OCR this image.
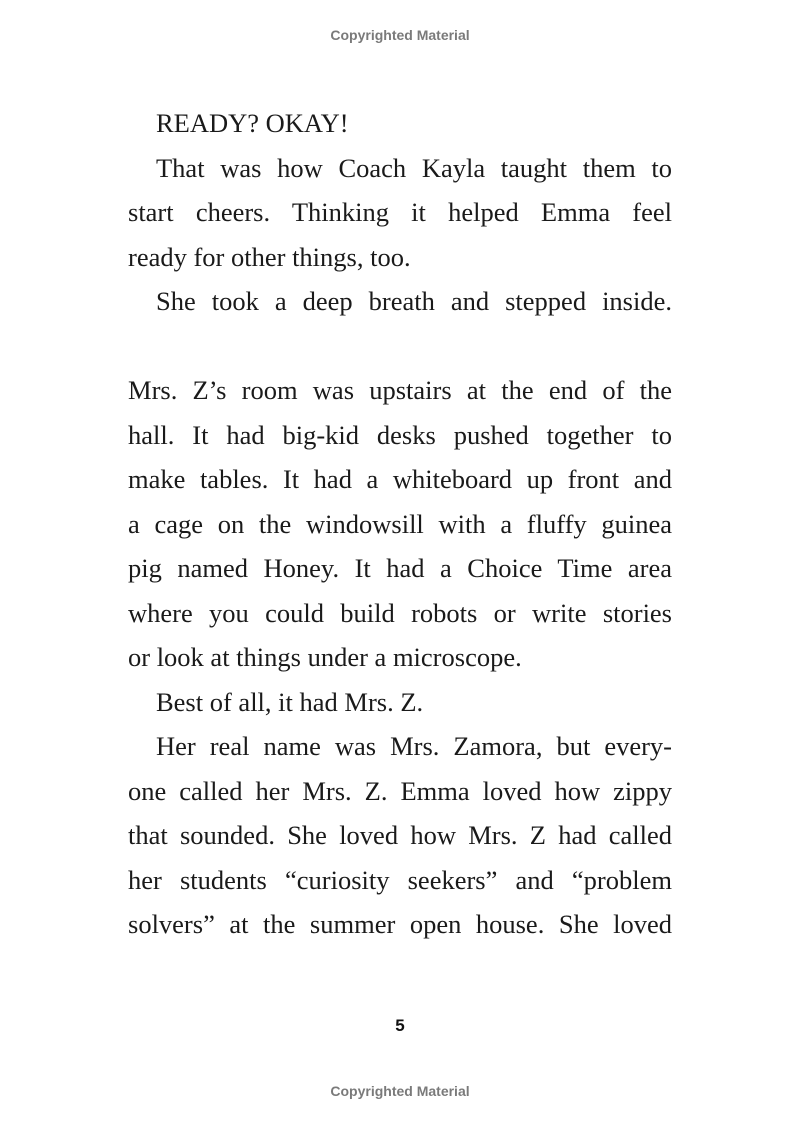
Copyrighted Material
READY? OKAY!
That was how Coach Kayla taught them to
start cheers. Thinking it helped Emma feel
ready for other things, too.
She took a deep breath and stepped inside.
Mrs. Z’s room was upstairs at the end of the
hall. It had big-kid desks pushed together to
make tables. It had a whiteboard up front and
a cage on the windowsill with a fluffy guinea
pig named Honey. It had a Choice Time area
where you could build robots or write stories
or look at things under a microscope.
Best of all, it had Mrs. Z.
Her real name was Mrs. Zamora, but every-
one called her Mrs. Z. Emma loved how zippy
that sounded. She loved how Mrs. Z had called
her students “curiosity seekers” and “problem
solvers” at the summer open house. She loved
5
Copyrighted Material
